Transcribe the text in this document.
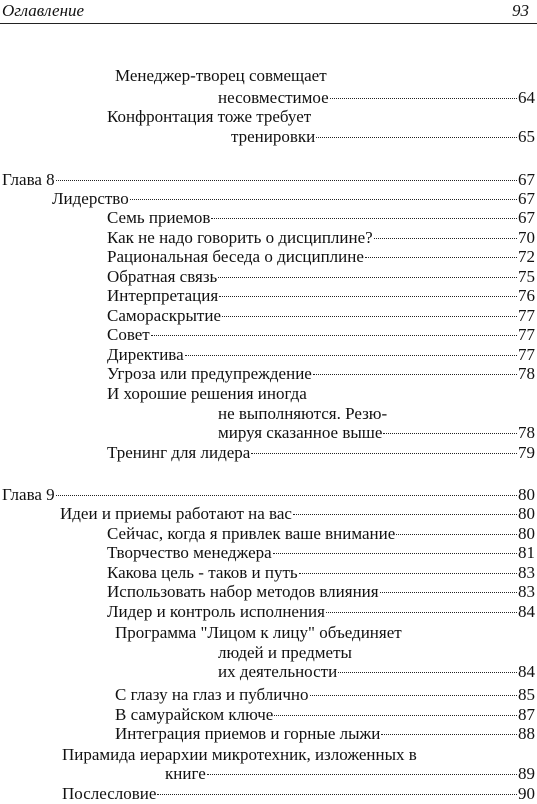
Оглавление	93
Менеджер-творец совмещает
несовместимое	64
Конфронтация тоже требует
тренировки	65
Глава 8	67
Лидерство	67
Семь приемов	67
Как не надо говорить о дисциплине?	70
Рациональная беседа о дисциплине	72
Обратная связь	75
Интерпретация	76
Самораскрытие	77
Совет	77
Директива	77
Угроза или предупреждение	78
И хорошие решения иногда
не выполняются. Резю-
мируя сказанное выше	78
Тренинг для лидера	79
Глава 9	80
Идеи и приемы работают на вас	80
Сейчас, когда я привлек ваше внимание	80
Творчество менеджера	81
Какова цель - таков и путь	83
Использовать набор методов влияния	83
Лидер и контроль исполнения	84
Программа "Лицом к лицу" объединяет
людей и предметы
их деятельности	84
С глазу на глаз и публично	85
В самурайском ключе	87
Интеграция приемов и горные лыжи	88
Пирамида иерархии микротехник, изложенных в
книге	89
Послесловие	90
